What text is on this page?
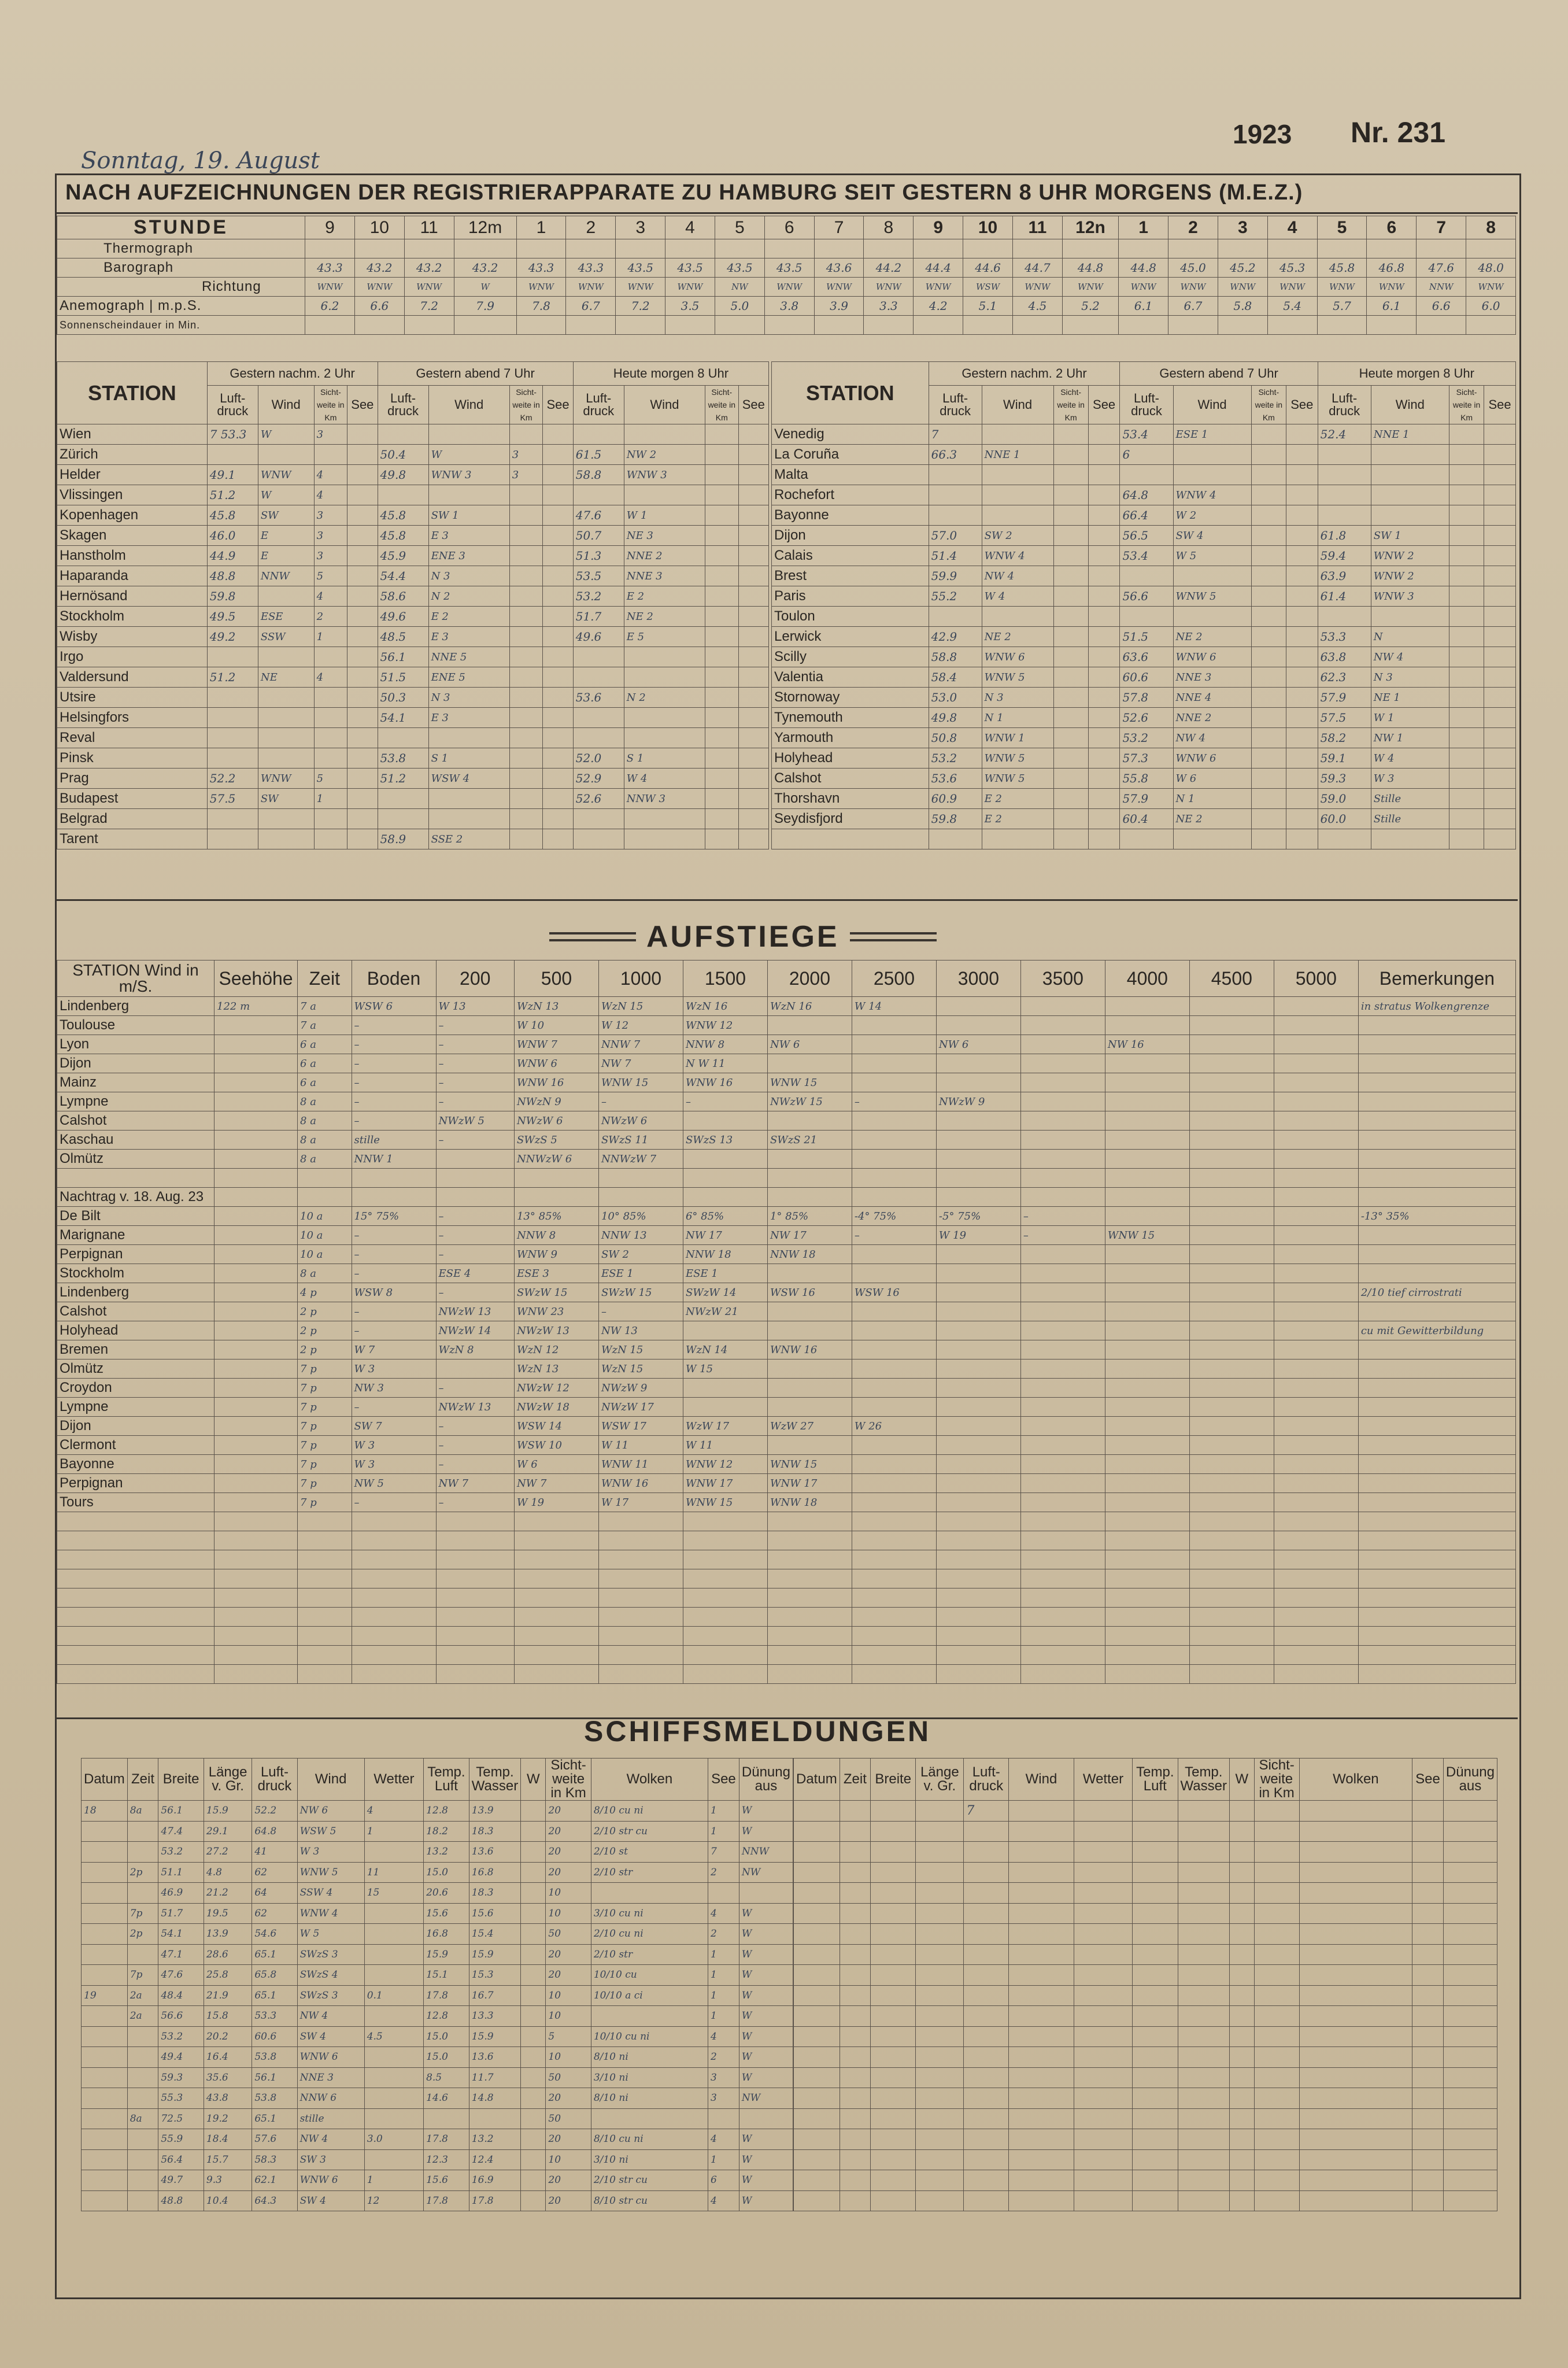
1923 Nr. 231
Sonntag, 19. August
NACH AUFZEICHNUNGEN DER REGISTRIERAPPARATE ZU HAMBURG SEIT GESTERN 8 UHR MORGENS (M.E.Z.)
STUNDE	9	10	11	12m	1	2	3	4	5	6	7	8	9	10	11	12n	1	2	3	4	5	6	7	8
Thermograph																								
Barograph	43.3	43.2	43.2	43.2	43.3	43.3	43.5	43.5	43.5	43.5	43.6	44.2	44.4	44.6	44.7	44.8	44.8	45.0	45.2	45.3	45.8	46.8	47.6	48.0
Richtung	WNW	WNW	WNW	W	WNW	WNW	WNW	WNW	NW	WNW	WNW	WNW	WNW	WSW	WNW	WNW	WNW	WNW	WNW	WNW	WNW	WNW	NNW	WNW
Anemograph | m.p.S.	6.2	6.6	7.2	7.9	7.8	6.7	7.2	3.5	5.0	3.8	3.9	3.3	4.2	5.1	4.5	5.2	6.1	6.7	5.8	5.4	5.7	6.1	6.6	6.0
Sonnenscheindauer in Min.																								
STATION	Gestern nachm. 2 Uhr				Gestern abend 7 Uhr				Heute morgen 8 Uhr			
	Luft-druck	Wind	Sicht-weite in Km	See	Luft-druck	Wind	Sicht-weite in Km	See	Luft-druck	Wind	Sicht-weite in Km	See
Wien	7 53.3	W	3									
Zürich					50.4	W	3		61.5	NW 2		
Helder	49.1	WNW	4		49.8	WNW 3	3		58.8	WNW 3		
Vlissingen	51.2	W	4									
Kopenhagen	45.8	SW	3		45.8	SW 1			47.6	W 1		
Skagen	46.0	E	3		45.8	E 3			50.7	NE 3		
Hanstholm	44.9	E	3		45.9	ENE 3			51.3	NNE 2		
Haparanda	48.8	NNW	5		54.4	N 3			53.5	NNE 3		
Hernösand	59.8		4		58.6	N 2			53.2	E 2		
Stockholm	49.5	ESE	2		49.6	E 2			51.7	NE 2		
Wisby	49.2	SSW	1		48.5	E 3			49.6	E 5		
Irgo					56.1	NNE 5						
Valdersund	51.2	NE	4		51.5	ENE 5						
Utsire					50.3	N 3			53.6	N 2		
Helsingfors					54.1	E 3						
Reval												
Pinsk					53.8	S 1			52.0	S 1		
Prag	52.2	WNW	5		51.2	WSW 4			52.9	W 4		
Budapest	57.5	SW	1						52.6	NNW 3		
Belgrad												
Tarent					58.9	SSE 2						
STATION	Gestern nachm. 2 Uhr				Gestern abend 7 Uhr				Heute morgen 8 Uhr			
	Luft-druck	Wind	Sicht-weite in Km	See	Luft-druck	Wind	Sicht-weite in Km	See	Luft-druck	Wind	Sicht-weite in Km	See
Venedig	7				53.4	ESE 1			52.4	NNE 1		
La Coruña	66.3	NNE 1			6							
Malta												
Rochefort					64.8	WNW 4						
Bayonne					66.4	W 2						
Dijon	57.0	SW 2			56.5	SW 4			61.8	SW 1		
Calais	51.4	WNW 4			53.4	W 5			59.4	WNW 2		
Brest	59.9	NW 4							63.9	WNW 2		
Paris	55.2	W 4			56.6	WNW 5			61.4	WNW 3		
Toulon												
Lerwick	42.9	NE 2			51.5	NE 2			53.3	N		
Scilly	58.8	WNW 6			63.6	WNW 6			63.8	NW 4		
Valentia	58.4	WNW 5			60.6	NNE 3			62.3	N 3		
Stornoway	53.0	N 3			57.8	NNE 4			57.9	NE 1		
Tynemouth	49.8	N 1			52.6	NNE 2			57.5	W 1		
Yarmouth	50.8	WNW 1			53.2	NW 4			58.2	NW 1		
Holyhead	53.2	WNW 5			57.3	WNW 6			59.1	W 4		
Calshot	53.6	WNW 5			55.8	W 6			59.3	W 3		
Thorshavn	60.9	E 2			57.9	N 1			59.0	Stille		
Seydisfjord	59.8	E 2			60.4	NE 2			60.0	Stille		

AUFSTIEGE
STATION Wind in m/S.	Seehöhe	Zeit	Boden	200	500	1000	1500	2000	2500	3000	3500	4000	4500	5000	Bemerkungen
Lindenberg	122 m	7 a	WSW 6	W 13	WzN 13	WzN 15	WzN 16	WzN 16	W 14						in stratus Wolkengrenze
Toulouse		7 a	–	–	W 10	W 12	WNW 12								
Lyon		6 a	–	–	WNW 7	NNW 7	NNW 8	NW 6		NW 6		NW 16			
Dijon		6 a	–	–	WNW 6	NW 7	N W 11								
Mainz		6 a	–	–	WNW 16	WNW 15	WNW 16	WNW 15							
Lympne		8 a	–	–	NWzN 9	–	–	NWzW 15	–	NWzW 9					
Calshot		8 a	–	NWzW 5	NWzW 6	NWzW 6									
Kaschau		8 a	stille	–	SWzS 5	SWzS 11	SWzS 13	SWzS 21							
Olmütz		8 a	NNW 1		NNWzW 6	NNWzW 7									

Nachtrag v. 18. Aug. 23															
De Bilt		10 a	15° 75%	–	13° 85%	10° 85%	6° 85%	1° 85%	-4° 75%	-5° 75%	–				-13° 35%
Marignane		10 a	–	–	NNW 8	NNW 13	NW 17	NW 17	–	W 19	–	WNW 15			
Perpignan		10 a	–	–	WNW 9	SW 2	NNW 18	NNW 18							
Stockholm		8 a	–	ESE 4	ESE 3	ESE 1	ESE 1								
Lindenberg		4 p	WSW 8	–	SWzW 15	SWzW 15	SWzW 14	WSW 16	WSW 16						2/10 tief cirrostrati
Calshot		2 p	–	NWzW 13	WNW 23	–	NWzW 21								
Holyhead		2 p	–	NWzW 14	NWzW 13	NW 13									cu mit Gewitterbildung
Bremen		2 p	W 7	WzN 8	WzN 12	WzN 15	WzN 14	WNW 16							
Olmütz		7 p	W 3		WzN 13	WzN 15	W 15								
Croydon		7 p	NW 3	–	NWzW 12	NWzW 9									
Lympne		7 p	–	NWzW 13	NWzW 18	NWzW 17									
Dijon		7 p	SW 7	–	WSW 14	WSW 17	WzW 17	WzW 27	W 26						
Clermont		7 p	W 3	–	WSW 10	W 11	W 11								
Bayonne		7 p	W 3	–	W 6	WNW 11	WNW 12	WNW 15							
Perpignan		7 p	NW 5	NW 7	NW 7	WNW 16	WNW 17	WNW 17							
Tours		7 p	–	–	W 19	W 17	WNW 15	WNW 18							

SCHIFFSMELDUNGEN
Datum	Zeit	Breite	Länge v. Gr.	Luft-druck	Wind	Wetter	Temp. Luft	Temp. Wasser	W	Sicht-weite in Km	Wolken	See	Dünung aus
18	8a	56.1	15.9	52.2	NW 6	4	12.8	13.9		20	8/10 cu ni	1	W
		47.4	29.1	64.8	WSW 5	1	18.2	18.3		20	2/10 str cu	1	W
		53.2	27.2	41	W 3		13.2	13.6		20	2/10 st	7	NNW
	2p	51.1	4.8	62	WNW 5	11	15.0	16.8		20	2/10 str	2	NW
		46.9	21.2	64	SSW 4	15	20.6	18.3		10			
	7p	51.7	19.5	62	WNW 4		15.6	15.6		10	3/10 cu ni	4	W
	2p	54.1	13.9	54.6	W 5		16.8	15.4		50	2/10 cu ni	2	W
		47.1	28.6	65.1	SWzS 3		15.9	15.9		20	2/10 str	1	W
	7p	47.6	25.8	65.8	SWzS 4		15.1	15.3		20	10/10 cu	1	W
19	2a	48.4	21.9	65.1	SWzS 3	0.1	17.8	16.7		10	10/10 a ci	1	W
	2a	56.6	15.8	53.3	NW 4		12.8	13.3		10		1	W
		53.2	20.2	60.6	SW 4	4.5	15.0	15.9		5	10/10 cu ni	4	W
		49.4	16.4	53.8	WNW 6		15.0	13.6		10	8/10 ni	2	W
		59.3	35.6	56.1	NNE 3		8.5	11.7		50	3/10 ni	3	W
		55.3	43.8	53.8	NNW 6		14.6	14.8		20	8/10 ni	3	NW
	8a	72.5	19.2	65.1	stille					50			
		55.9	18.4	57.6	NW 4	3.0	17.8	13.2		20	8/10 cu ni	4	W
		56.4	15.7	58.3	SW 3		12.3	12.4		10	3/10 ni	1	W
		49.7	9.3	62.1	WNW 6	1	15.6	16.9		20	2/10 str cu	6	W
		48.8	10.4	64.3	SW 4	12	17.8	17.8		20	8/10 str cu	4	W
Datum	Zeit	Breite	Länge v. Gr.	Luft-druck	Wind	Wetter	Temp. Luft	Temp. Wasser	W	Sicht-weite in Km	Wolken	See	Dünung aus
				7									
